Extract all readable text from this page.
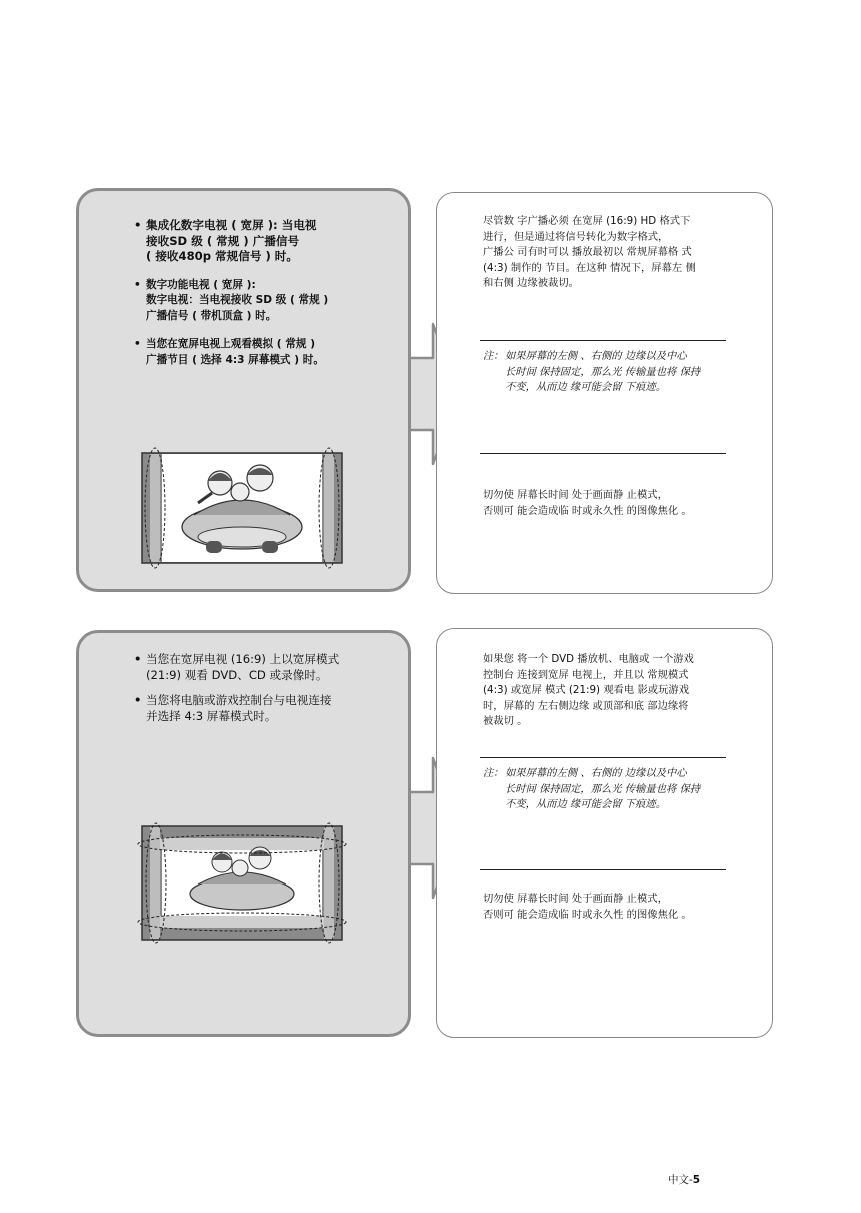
• 集成化数字电视 ( 宽屏 ): 当电视
接收SD 级 ( 常规 ) 广播信号
( 接收480p 常规信号 ) 时。
• 数字功能电视 ( 宽屏 ):
数字电视：当电视接收 SD 级 ( 常规 )
广播信号 ( 带机顶盒 ) 时。
• 当您在宽屏电视上观看模拟 ( 常规 )
广播节目 ( 选择 4:3 屏幕模式 ) 时。
尽管数 字广播必须 在宽屏 (16:9) HD 格式下
进行，但是通过将信号转化为数字格式，
广播公 司有时可以 播放最初以 常规屏幕格 式
(4:3) 制作的 节目。在这种 情况下，屏幕左 侧
和右侧 边缘被裁切。
注： 如果屏幕的左侧 、右侧的 边缘以及中心
长时间 保持固定，那么光 传输量也将 保持
不变，从而边 缘可能会留 下痕迹。
切勿使 屏幕长时间 处于画面静 止模式，
否则可 能会造成临 时或永久性 的图像焦化 。
• 当您在宽屏电视 (16:9) 上以宽屏模式
(21:9) 观看 DVD、CD 或录像时。
• 当您将电脑或游戏控制台与电视连接
并选择 4:3 屏幕模式时。
如果您 将一个 DVD 播放机、电脑或 一个游戏
控制台 连接到宽屏 电视上，并且以 常规模式
(4:3) 或宽屏 模式 (21:9) 观看电 影或玩游戏
时，屏幕的 左右侧边缘 或顶部和底 部边缘将
被裁切 。
注： 如果屏幕的左侧 、右侧的 边缘以及中心
长时间 保持固定，那么光 传输量也将 保持
不变，从而边 缘可能会留 下痕迹。
切勿使 屏幕长时间 处于画面静 止模式，
否则可 能会造成临 时或永久性 的图像焦化 。
中文-5
